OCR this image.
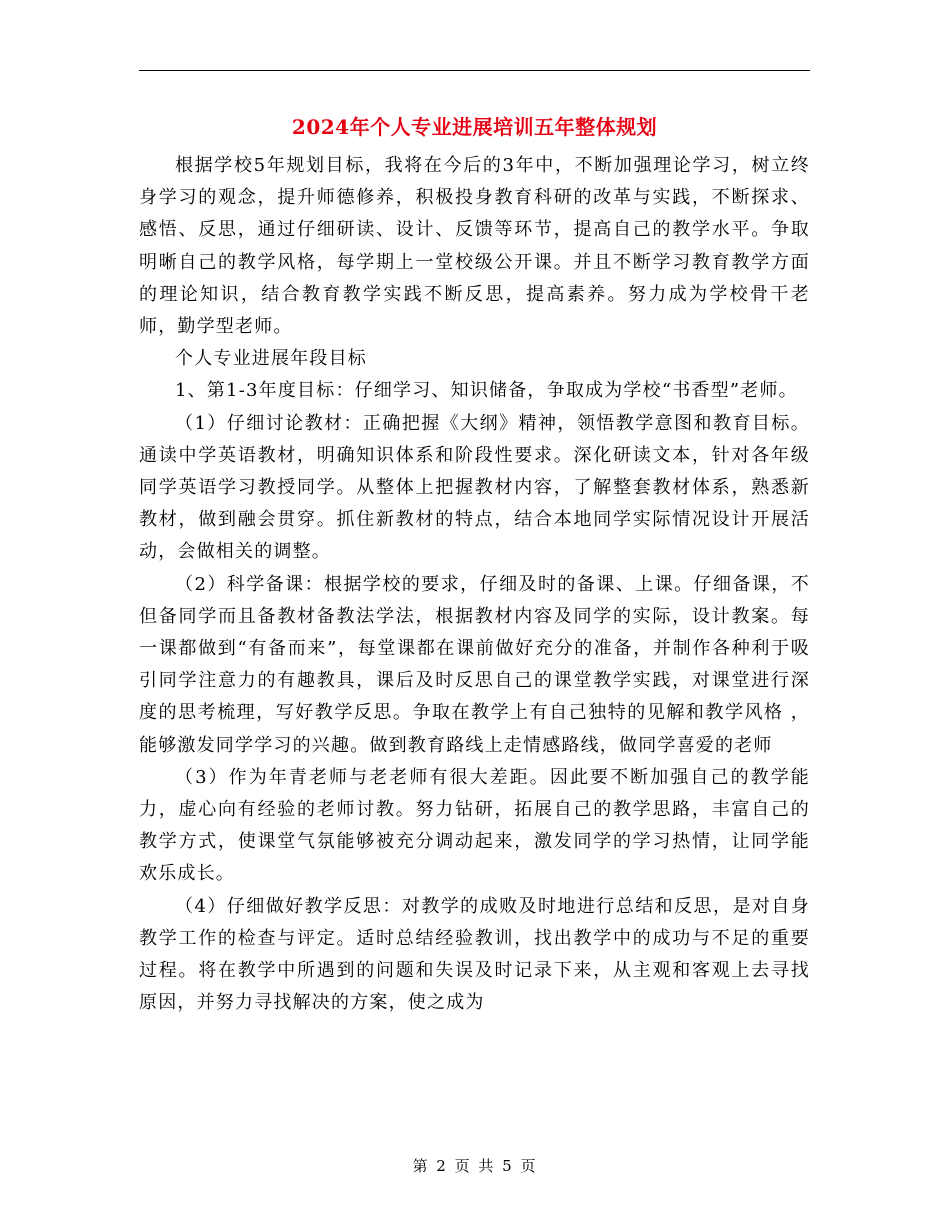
2024年个人专业进展培训五年整体规划

根据学校5年规划目标，我将在今后的3年中，不断加强理论学习，树立终身学习的观念，提升师德修养，积极投身教育科研的改革与实践，不断探求、感悟、反思，通过仔细研读、设计、反馈等环节，提高自己的教学水平。争取明晰自己的教学风格，每学期上一堂校级公开课。并且不断学习教育教学方面的理论知识，结合教育教学实践不断反思，提高素养。努力成为学校骨干老师，勤学型老师。

个人专业进展年段目标

1、第1-3年度目标：仔细学习、知识储备，争取成为学校“书香型”老师。

（1）仔细讨论教材：正确把握《大纲》精神，领悟教学意图和教育目标。通读中学英语教材，明确知识体系和阶段性要求。深化研读文本，针对各年级同学英语学习教授同学。从整体上把握教材内容，了解整套教材体系，熟悉新教材，做到融会贯穿。抓住新教材的特点，结合本地同学实际情况设计开展活动，会做相关的调整。

（2）科学备课：根据学校的要求，仔细及时的备课、上课。仔细备课，不但备同学而且备教材备教法学法，根据教材内容及同学的实际，设计教案。每一课都做到“有备而来”，每堂课都在课前做好充分的准备，并制作各种利于吸引同学注意力的有趣教具，课后及时反思自己的课堂教学实践，对课堂进行深度的思考梳理，写好教学反思。争取在教学上有自己独特的见解和教学风格 ，能够激发同学学习的兴趣。做到教育路线上走情感路线，做同学喜爱的老师

（3）作为年青老师与老老师有很大差距。因此要不断加强自己的教学能力，虚心向有经验的老师讨教。努力钻研，拓展自己的教学思路，丰富自己的教学方式，使课堂气氛能够被充分调动起来，激发同学的学习热情，让同学能欢乐成长。

（4）仔细做好教学反思：对教学的成败及时地进行总结和反思，是对自身教学工作的检查与评定。适时总结经验教训，找出教学中的成功与不足的重要过程。将在教学中所遇到的问题和失误及时记录下来，从主观和客观上去寻找原因，并努力寻找解决的方案，使之成为

第 2 页 共 5 页
